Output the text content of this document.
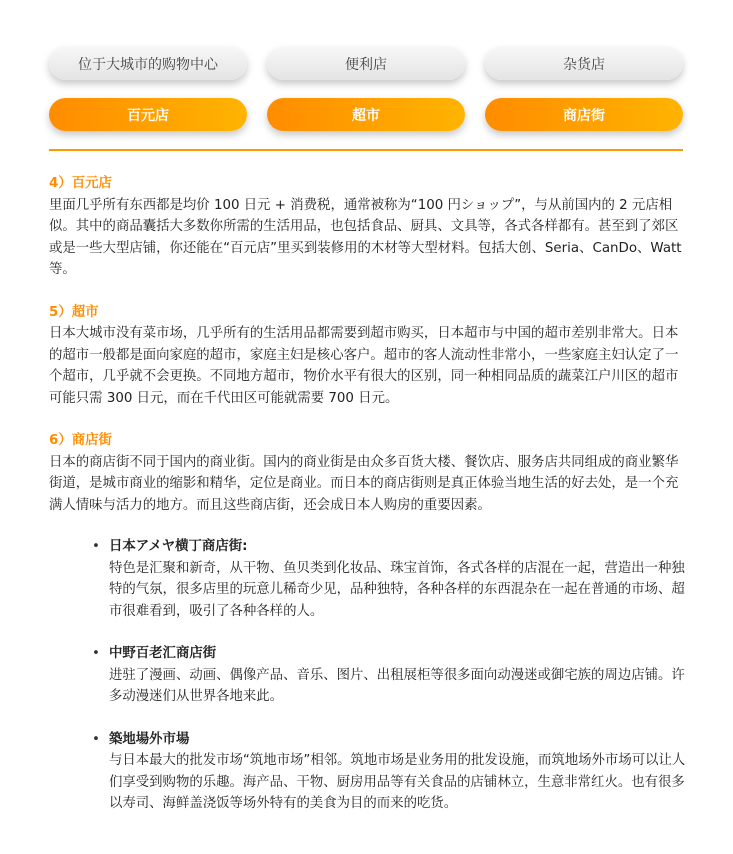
位于大城市的购物中心	便利店	杂货店
百元店	超市	商店街
4）百元店
里面几乎所有东西都是均价 100 日元 + 消费税，通常被称为“100 円ショップ”，与从前国内的 2 元店相似。其中的商品囊括大多数你所需的生活用品，也包括食品、厨具、文具等，各式各样都有。甚至到了郊区或是一些大型店铺，你还能在“百元店”里买到装修用的木材等大型材料。包括大创、Seria、CanDo、Watt 等。
5）超市
日本大城市没有菜市场，几乎所有的生活用品都需要到超市购买，日本超市与中国的超市差别非常大。日本的超市一般都是面向家庭的超市，家庭主妇是核心客户。超市的客人流动性非常小，一些家庭主妇认定了一个超市，几乎就不会更换。不同地方超市，物价水平有很大的区别，同一种相同品质的蔬菜江户川区的超市可能只需 300 日元，而在千代田区可能就需要 700 日元。
6）商店街
日本的商店街不同于国内的商业街。国内的商业街是由众多百货大楼、餐饮店、服务店共同组成的商业繁华街道，是城市商业的缩影和精华，定位是商业。而日本的商店街则是真正体验当地生活的好去处，是一个充满人情味与活力的地方。而且这些商店街，还会成日本人购房的重要因素。
• 日本アメヤ横丁商店街:
特色是汇聚和新奇，从干物、鱼贝类到化妆品、珠宝首饰，各式各样的店混在一起，营造出一种独特的气氛，很多店里的玩意儿稀奇少见，品种独特，各种各样的东西混杂在一起在普通的市场、超市很难看到，吸引了各种各样的人。
• 中野百老汇商店街
进驻了漫画、动画、偶像产品、音乐、图片、出租展柜等很多面向动漫迷或御宅族的周边店铺。许多动漫迷们从世界各地来此。
• 築地場外市場
与日本最大的批发市场“筑地市场”相邻。筑地市场是业务用的批发设施，而筑地场外市场可以让人们享受到购物的乐趣。海产品、干物、厨房用品等有关食品的店铺林立，生意非常红火。也有很多以寿司、海鲜盖浇饭等场外特有的美食为目的而来的吃货。
